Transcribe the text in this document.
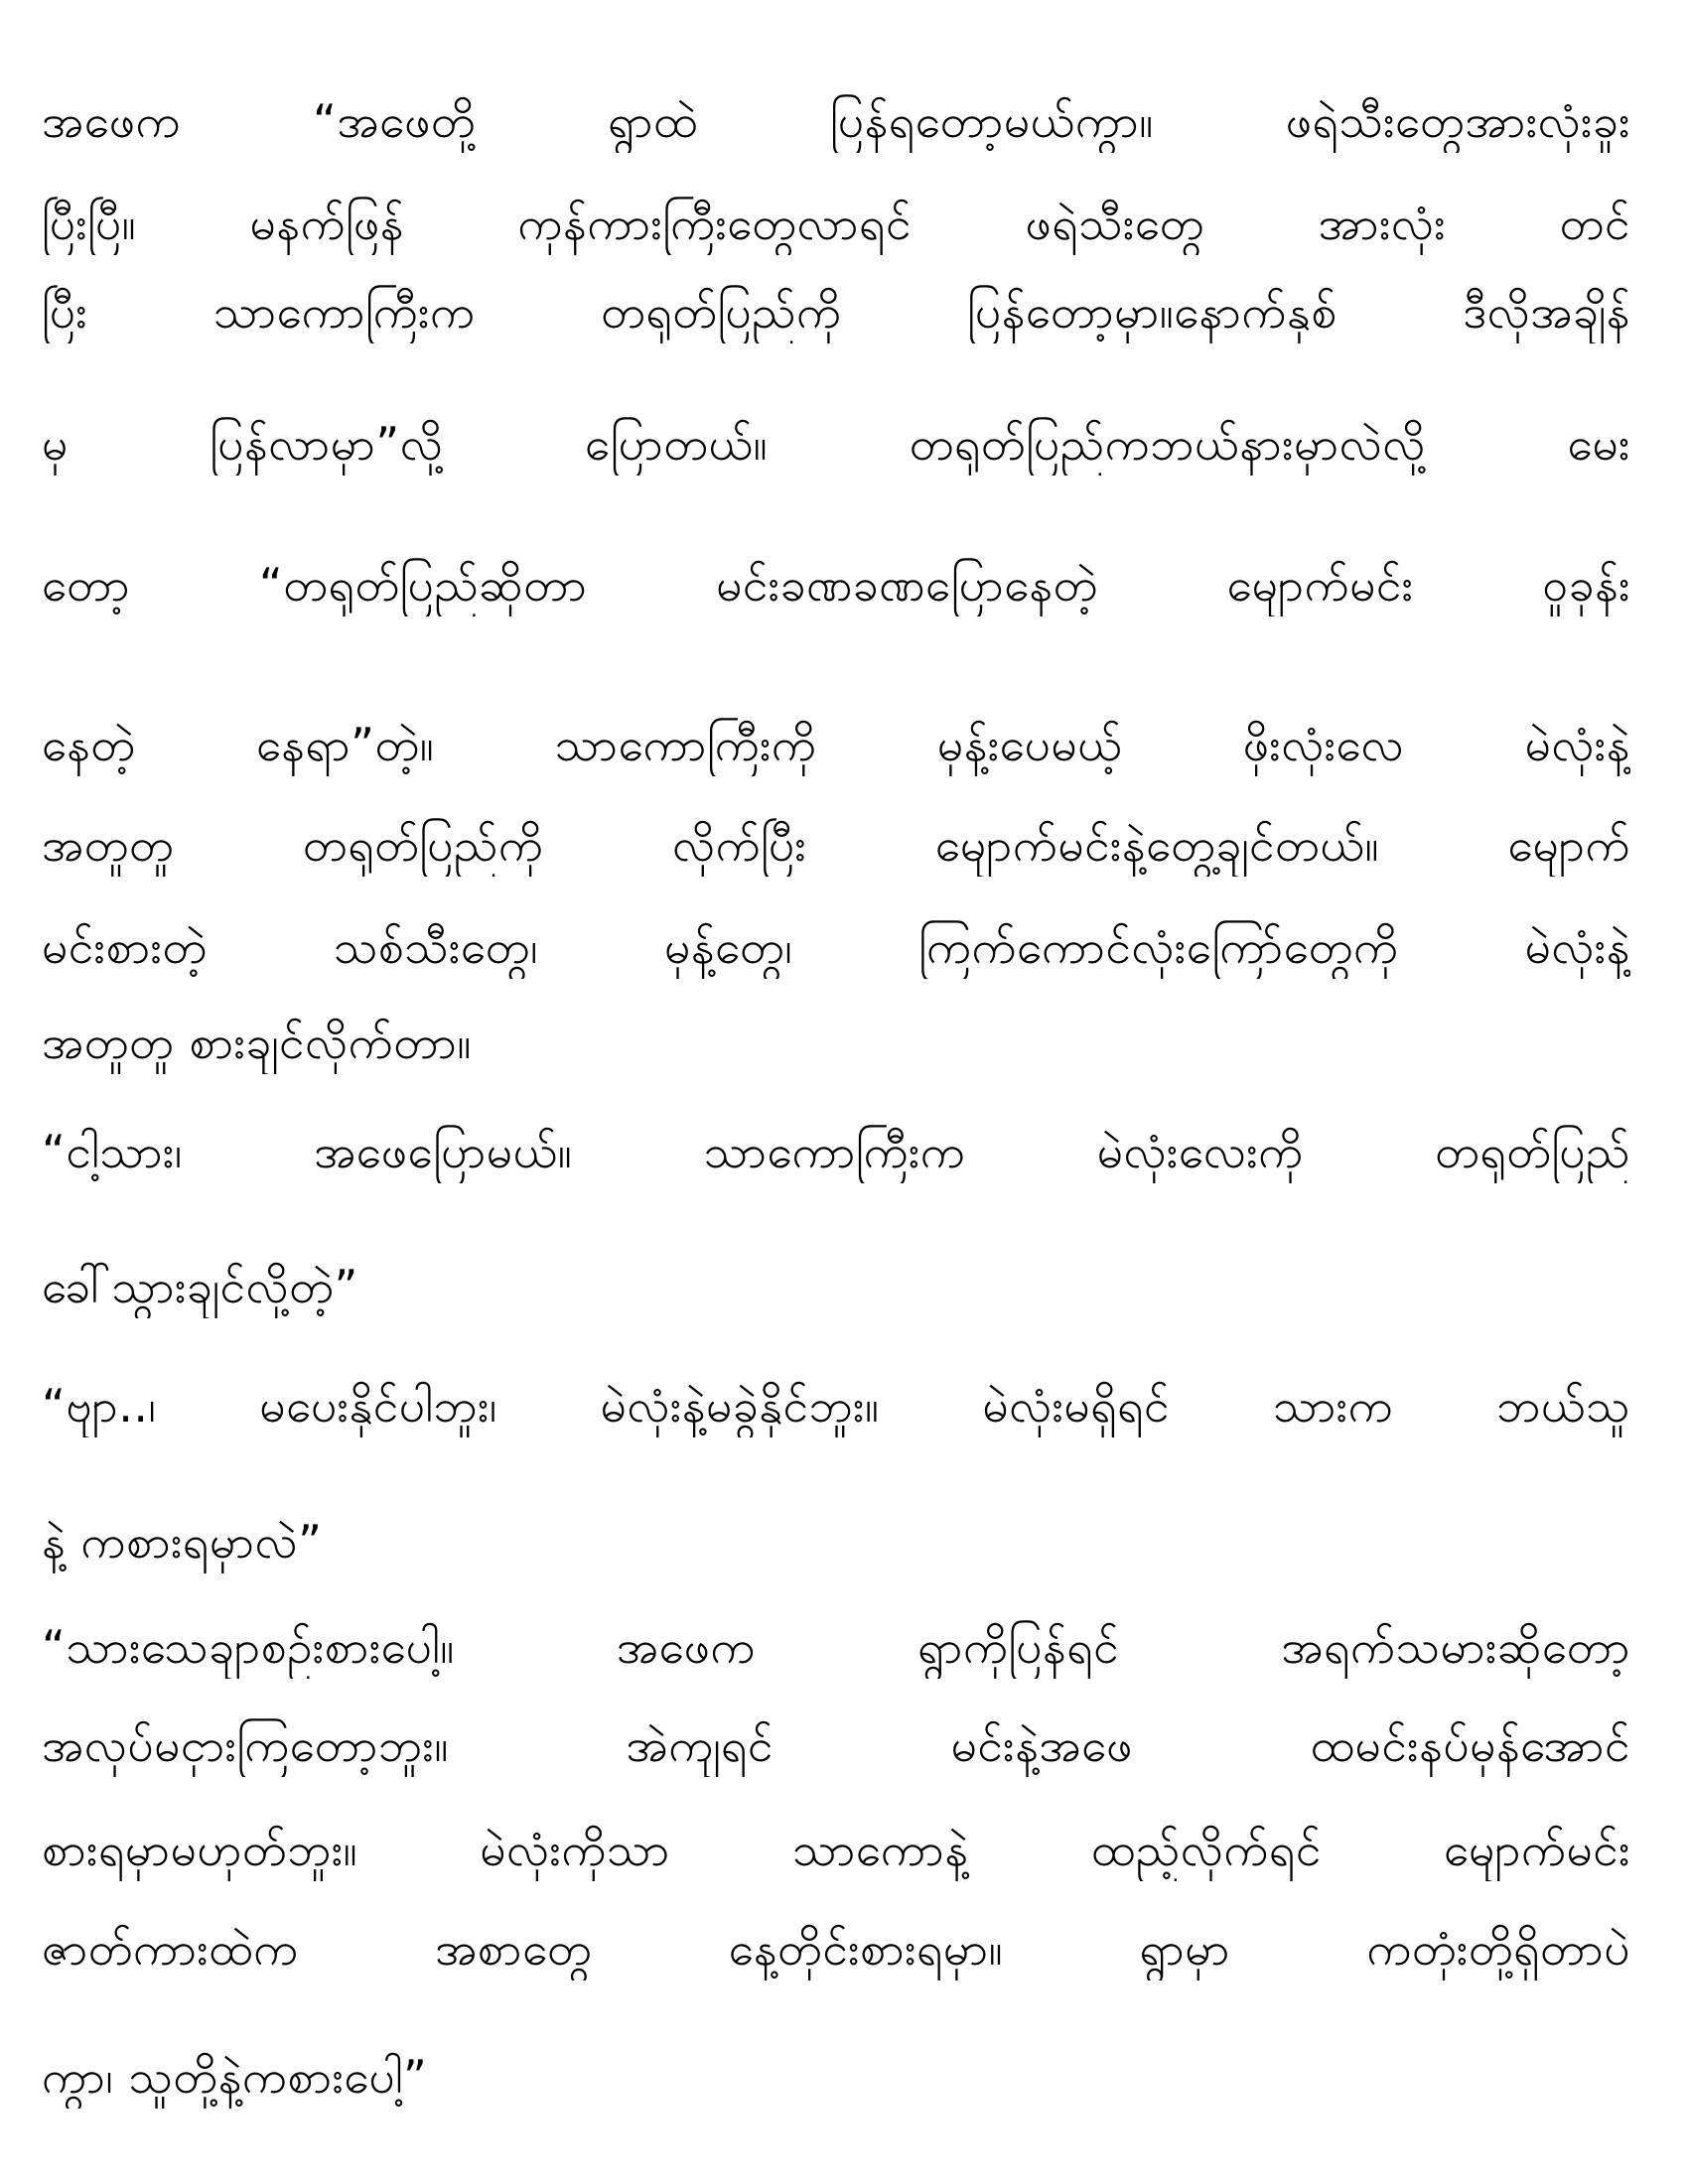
အဖေက “အဖေတို့ ရွာထဲ ပြန်ရတော့မယ်ကွာ။ ဖရဲသီးတွေအားလုံးခူး
ပြီးပြီ။ မနက်ဖြန် ကုန်ကားကြီးတွေလာရင် ဖရဲသီးတွေ အားလုံး တင်
ပြီး သာကောကြီးက တရုတ်ပြည်ကို ပြန်တော့မှာ။နောက်နှစ် ဒီလိုအချိန်
မှ ပြန်လာမှာ”လို့ ပြောတယ်။ တရုတ်ပြည်ကဘယ်နားမှာလဲလို့ မေး
တော့ “တရုတ်ပြည်ဆိုတာ မင်းခဏခဏပြောနေတဲ့ မျောက်မင်း ဝူခုန်း
နေတဲ့ နေရာ”တဲ့။ သာကောကြီးကို မုန့်းပေမယ့် ဖိုးလုံးလေ မဲလုံးနဲ့
အတူတူ တရုတ်ပြည်ကို လိုက်ပြီး မျောက်မင်းနဲ့တွေ့ချင်တယ်။ မျောက်
မင်းစားတဲ့ သစ်သီးတွေ၊ မုန့်တွေ၊ ကြက်ကောင်လုံးကြော်တွေကို မဲလုံးနဲ့
အတူတူ စားချင်လိုက်တာ။
“ငါ့သား၊ အဖေပြောမယ်။ သာကောကြီးက မဲလုံးလေးကို တရုတ်ပြည်
ခေါ်သွားချင်လို့တဲ့”
“ဗျာ..၊ မပေးနိုင်ပါဘူး၊ မဲလုံးနဲ့မခွဲနိုင်ဘူး။ မဲလုံးမရှိရင် သားက ဘယ်သူ
နဲ့ ကစားရမှာလဲ”
“သားသေချာစဉ်းစားပေါ့။ အဖေက ရွာကိုပြန်ရင် အရက်သမားဆိုတော့
အလုပ်မငှားကြတော့ဘူး။ အဲကျရင် မင်းနဲ့အဖေ ထမင်းနပ်မှန်အောင်
စားရမှာမဟုတ်ဘူး။ မဲလုံးကိုသာ သာကောနဲ့ ထည့်လိုက်ရင် မျောက်မင်း
ဇာတ်ကားထဲက အစာတွေ နေ့တိုင်းစားရမှာ။ ရွာမှာ ကတုံးတို့ရှိတာပဲ
ကွာ၊ သူတို့နဲ့ကစားပေါ့”
